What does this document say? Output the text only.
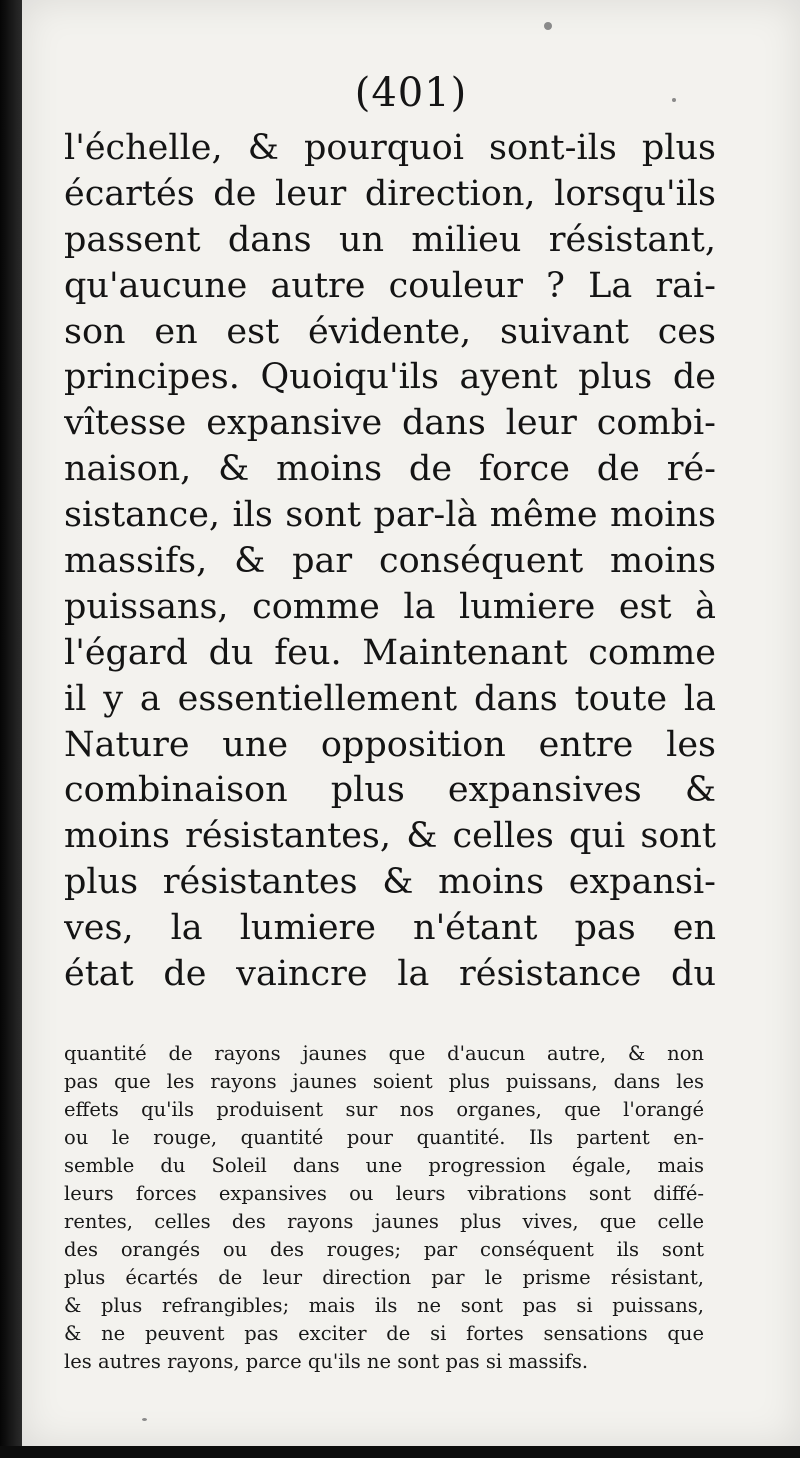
(401)
l'échelle, & pourquoi sont-ils plus
écartés de leur direction, lorsqu'ils
passent dans un milieu résistant,
qu'aucune autre couleur ? La rai-
son en est évidente, suivant ces
principes. Quoiqu'ils ayent plus de
vîtesse expansive dans leur combi-
naison, & moins de force de ré-
sistance, ils sont par-là même moins
massifs, & par conséquent moins
puissans, comme la lumiere est à
l'égard du feu. Maintenant comme
il y a essentiellement dans toute la
Nature une opposition entre les
combinaison plus expansives &
moins résistantes, & celles qui sont
plus résistantes & moins expansi-
ves, la lumiere n'étant pas en
état de vaincre la résistance du
quantité de rayons jaunes que d'aucun autre, & non
pas que les rayons jaunes soient plus puissans, dans les
effets qu'ils produisent sur nos organes, que l'orangé
ou le rouge, quantité pour quantité. Ils partent en-
semble du Soleil dans une progression égale, mais
leurs forces expansives ou leurs vibrations sont diffé-
rentes, celles des rayons jaunes plus vives, que celle
des orangés ou des rouges; par conséquent ils sont
plus écartés de leur direction par le prisme résistant,
& plus refrangibles; mais ils ne sont pas si puissans,
& ne peuvent pas exciter de si fortes sensations que
les autres rayons, parce qu'ils ne sont pas si massifs.
